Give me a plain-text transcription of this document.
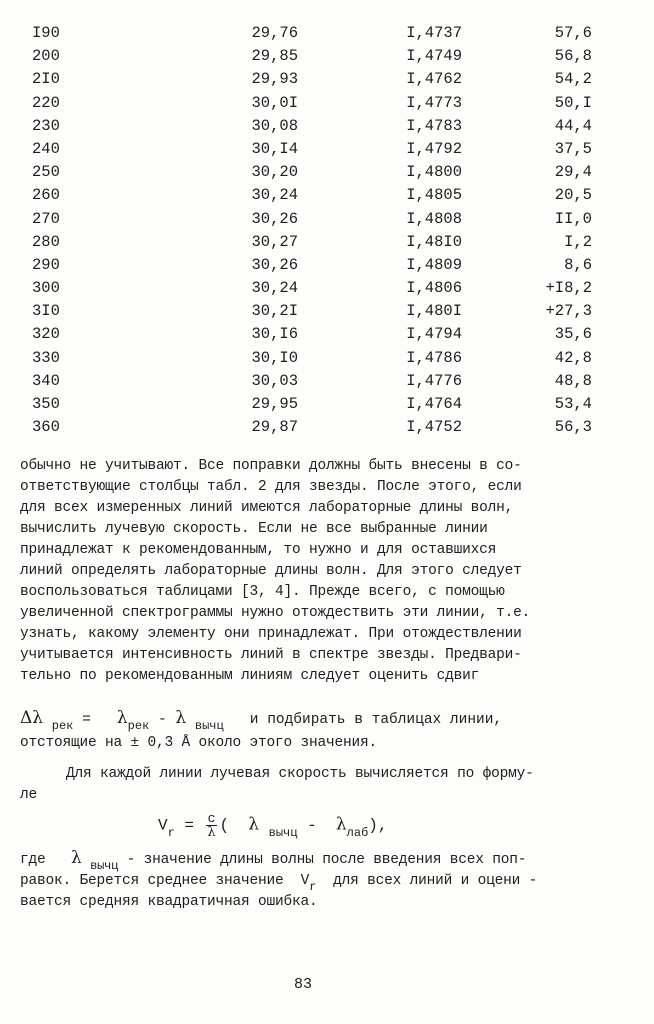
I90	29,76	I,4737	57,6
200	29,85	I,4749	56,8
2I0	29,93	I,4762	54,2
220	30,0I	I,4773	50,I
230	30,08	I,4783	44,4
240	30,I4	I,4792	37,5
250	30,20	I,4800	29,4
260	30,24	I,4805	20,5
270	30,26	I,4808	II,0
280	30,27	I,48I0	I,2
290	30,26	I,4809	8,6
300	30,24	I,4806	+I8,2
3I0	30,2I	I,480I	+27,3
320	30,I6	I,4794	35,6
330	30,I0	I,4786	42,8
340	30,03	I,4776	48,8
350	29,95	I,4764	53,4
360	29,87	I,4752	56,3
обычно не учитывают. Все поправки должны быть внесены в со-
ответствующие столбцы табл. 2 для звезды. После этого, если
для всех измеренных линий имеются лабораторные длины волн,
вычислить лучевую скорость. Если не все выбранные линии
принадлежат к рекомендованным, то нужно и для оставшихся
линий определять лабораторные длины волн. Для этого следует
воспользоваться таблицами [3, 4]. Прежде всего, с помощью
увеличенной спектрограммы нужно отождествить эти линии, т.е.
узнать, какому элементу они принадлежат. При отождествлении
учитывается интенсивность линий в спектре звезды. Предвари-
тельно по рекомендованным линиям следует оценить сдвиг
Δλ $_{рек} = \lambda_{рек} - \lambda$ $_{вычц}$ и подбирать в таблицах линии,
отстоящие на ± 0,3 Å около этого значения.
Для каждой линии лучевая скорость вычисляется по форму-
ле
$V_r = \frac{c}{\lambda}$ ( λ $_{вычц} - \lambda_{лаб}$),
где λ $_{вычц}$ - значение длины волны после введения всех поп-
равок. Берется среднее значение $V_r$ для всех линий и оцени -
вается средняя квадратичная ошибка.
83
